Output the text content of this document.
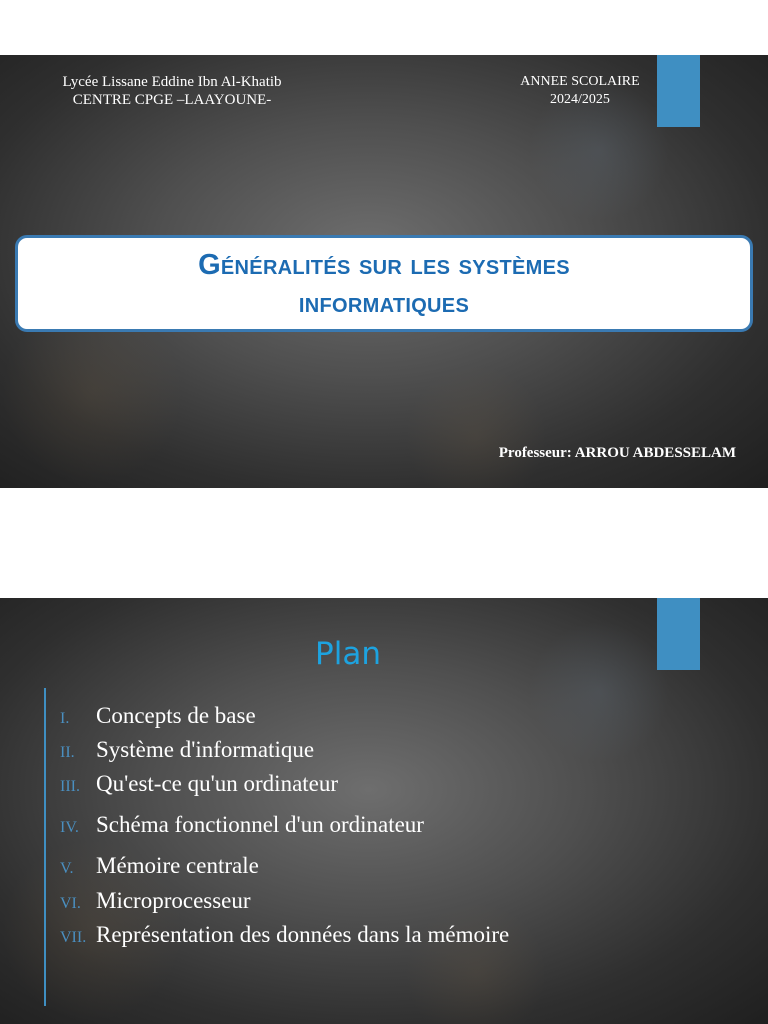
Lycée Lissane Eddine Ibn Al-Khatib
CENTRE CPGE –LAAYOUNE-
ANNEE SCOLAIRE
2024/2025
Généralités sur les systèmes
informatiques
Professeur: ARROU ABDESSELAM
Plan
I.	Concepts de base
II. Système d'informatique
III. Qu'est-ce qu'un ordinateur
IV. Schéma fonctionnel d'un ordinateur
V. Mémoire centrale
VI. Microprocesseur
VII. Représentation des données dans la mémoire
